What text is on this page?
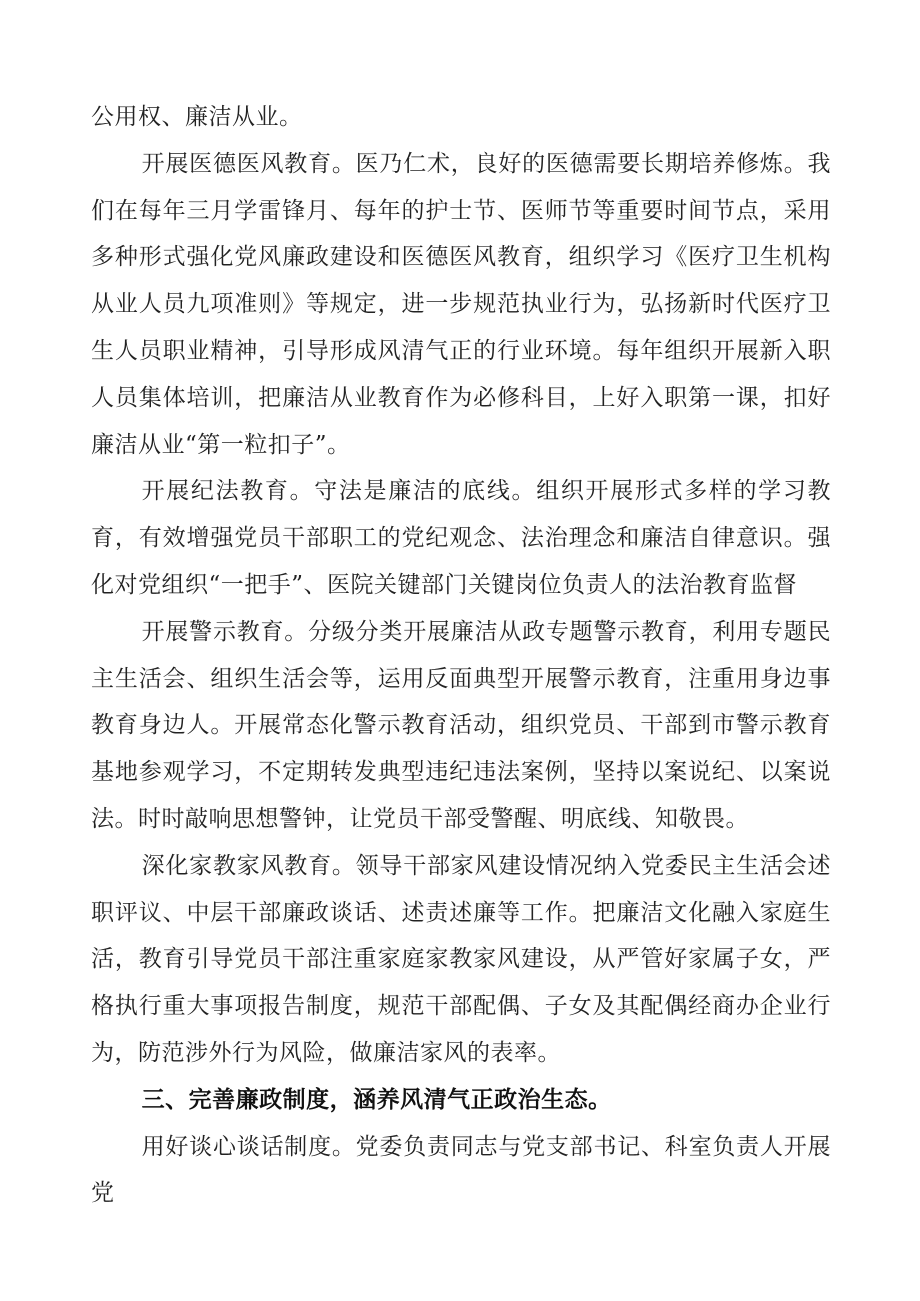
公用权、廉洁从业。

开展医德医风教育。医乃仁术，良好的医德需要长期培养修炼。我们在每年三月学雷锋月、每年的护士节、医师节等重要时间节点，采用多种形式强化党风廉政建设和医德医风教育，组织学习《医疗卫生机构从业人员九项准则》等规定，进一步规范执业行为，弘扬新时代医疗卫生人员职业精神，引导形成风清气正的行业环境。每年组织开展新入职人员集体培训，把廉洁从业教育作为必修科目，上好入职第一课，扣好廉洁从业“第一粒扣子”。

开展纪法教育。守法是廉洁的底线。组织开展形式多样的学习教育，有效增强党员干部职工的党纪观念、法治理念和廉洁自律意识。强化对党组织“一把手”、医院关键部门关键岗位负责人的法治教育监督

开展警示教育。分级分类开展廉洁从政专题警示教育，利用专题民主生活会、组织生活会等，运用反面典型开展警示教育，注重用身边事教育身边人。开展常态化警示教育活动，组织党员、干部到市警示教育基地参观学习，不定期转发典型违纪违法案例，坚持以案说纪、以案说法。时时敲响思想警钟，让党员干部受警醒、明底线、知敬畏。

深化家教家风教育。领导干部家风建设情况纳入党委民主生活会述职评议、中层干部廉政谈话、述责述廉等工作。把廉洁文化融入家庭生活，教育引导党员干部注重家庭家教家风建设，从严管好家属子女，严格执行重大事项报告制度，规范干部配偶、子女及其配偶经商办企业行为，防范涉外行为风险，做廉洁家风的表率。

三、完善廉政制度，涵养风清气正政治生态。

用好谈心谈话制度。党委负责同志与党支部书记、科室负责人开展党
